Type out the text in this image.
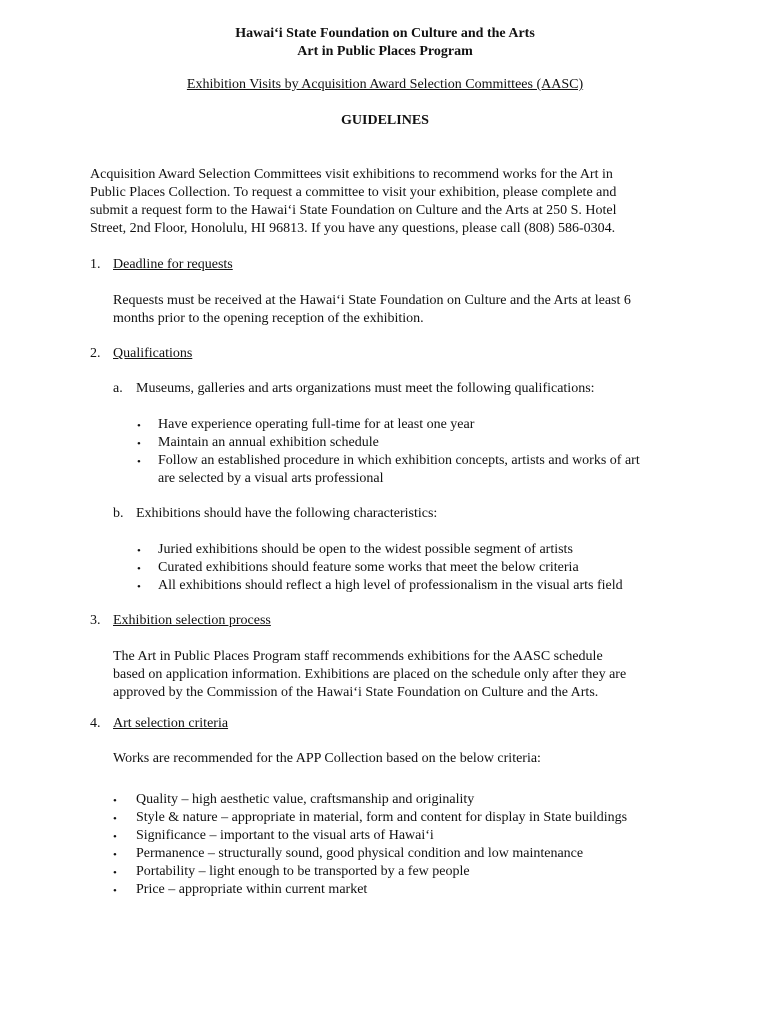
Hawai‘i State Foundation on Culture and the Arts
Art in Public Places Program
Exhibition Visits by Acquisition Award Selection Committees (AASC)
GUIDELINES
Acquisition Award Selection Committees visit exhibitions to recommend works for the Art in
Public Places Collection. To request a committee to visit your exhibition, please complete and
submit a request form to the Hawai‘i State Foundation on Culture and the Arts at 250 S. Hotel
Street, 2nd Floor, Honolulu, HI 96813. If you have any questions, please call (808) 586-0304.
1. Deadline for requests
Requests must be received at the Hawai‘i State Foundation on Culture and the Arts at least 6
months prior to the opening reception of the exhibition.
2. Qualifications
a. Museums, galleries and arts organizations must meet the following qualifications:
• Have experience operating full-time for at least one year
• Maintain an annual exhibition schedule
• Follow an established procedure in which exhibition concepts, artists and works of art
are selected by a visual arts professional
b. Exhibitions should have the following characteristics:
• Juried exhibitions should be open to the widest possible segment of artists
• Curated exhibitions should feature some works that meet the below criteria
• All exhibitions should reflect a high level of professionalism in the visual arts field
3. Exhibition selection process
The Art in Public Places Program staff recommends exhibitions for the AASC schedule
based on application information. Exhibitions are placed on the schedule only after they are
approved by the Commission of the Hawai‘i State Foundation on Culture and the Arts.
4. Art selection criteria
Works are recommended for the APP Collection based on the below criteria:
• Quality – high aesthetic value, craftsmanship and originality
• Style & nature – appropriate in material, form and content for display in State buildings
• Significance – important to the visual arts of Hawai‘i
• Permanence – structurally sound, good physical condition and low maintenance
• Portability – light enough to be transported by a few people
• Price – appropriate within current market
